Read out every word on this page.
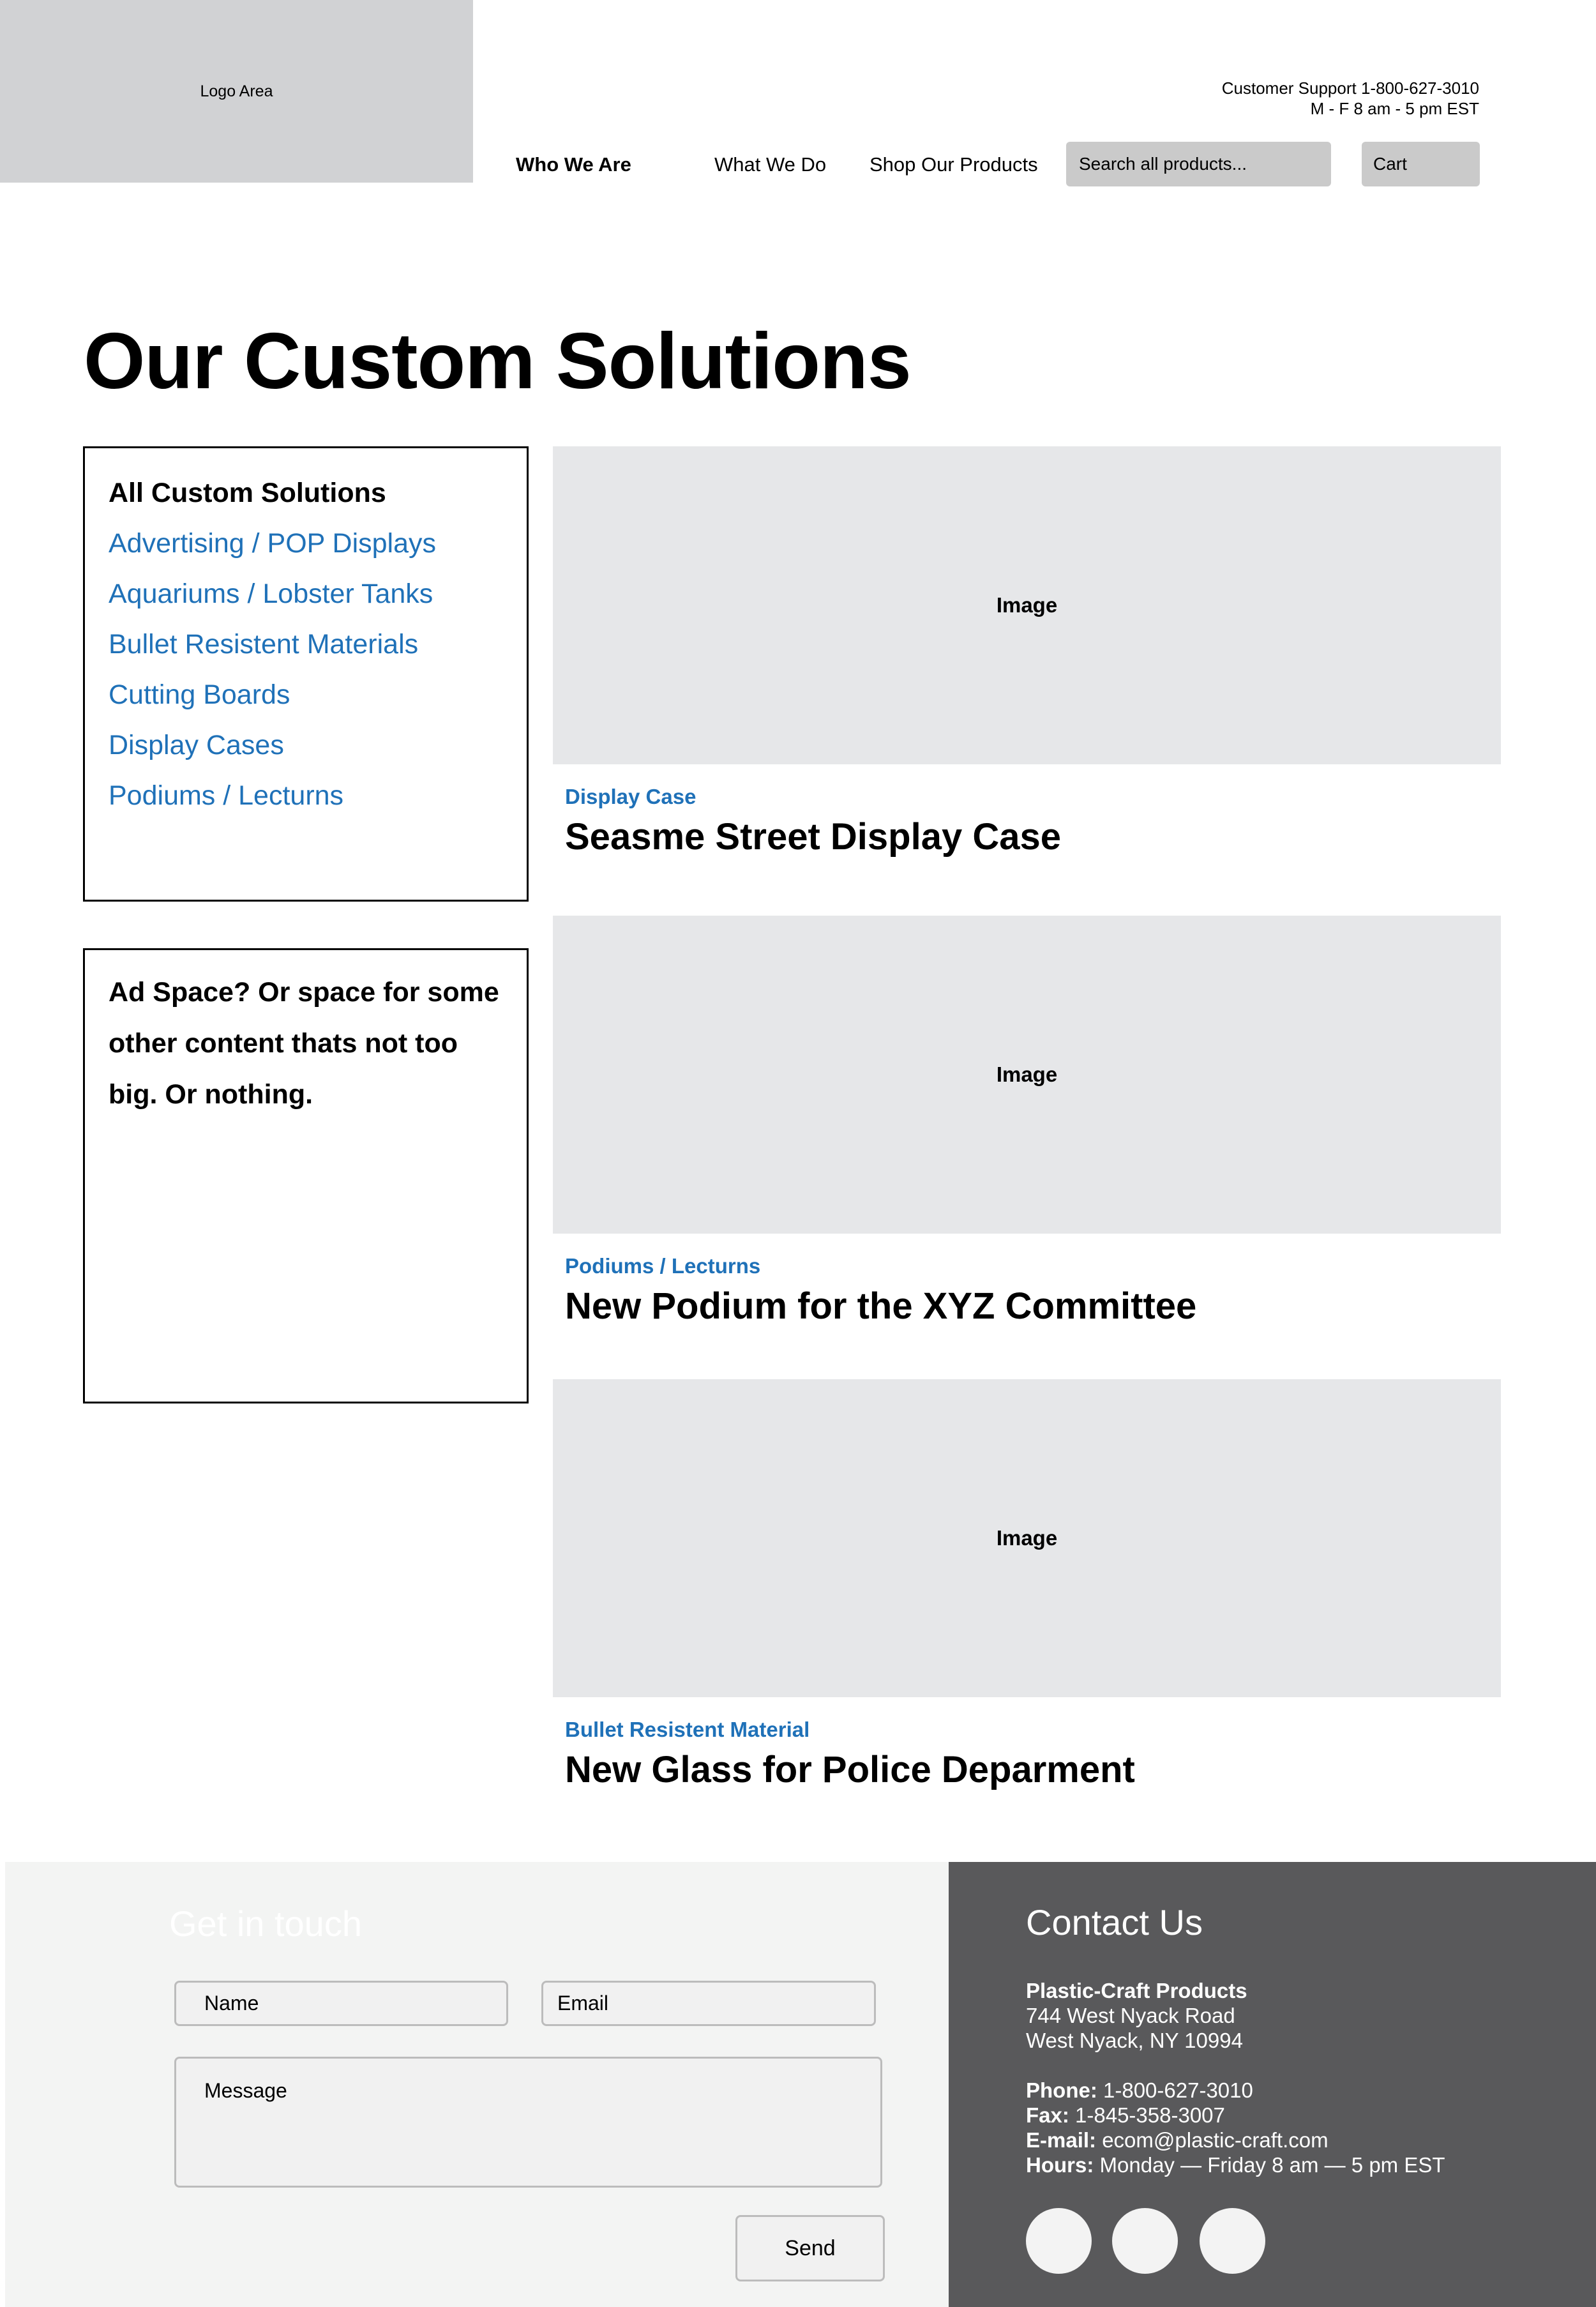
Logo Area	Customer Support 1-800-627-3010
M - F 8 am - 5 pm EST
Who We Are	What We Do Shop Our Products	Search all products...	Cart
Our Custom Solutions
All Custom Solutions
Advertising / POP Displays
Aquariums / Lobster Tanks
Bullet Resistent Materials
Cutting Boards
Display Cases
Podiums / Lecturns
Ad Space? Or space for some other content thats not too big. Or nothing.
Image
Display Case
Seasme Street Display Case
Image
Podiums / Lecturns
New Podium for the XYZ Committee
Image
Bullet Resistent Material
New Glass for Police Deparment
Get in touch
Name	Email
Message
Send
Contact Us
Plastic-Craft Products
744 West Nyack Road
West Nyack, NY 10994
Phone: 1-800-627-3010
Fax: 1-845-358-3007
E-mail: ecom@plastic-craft.com
Hours: Monday — Friday 8 am — 5 pm EST
